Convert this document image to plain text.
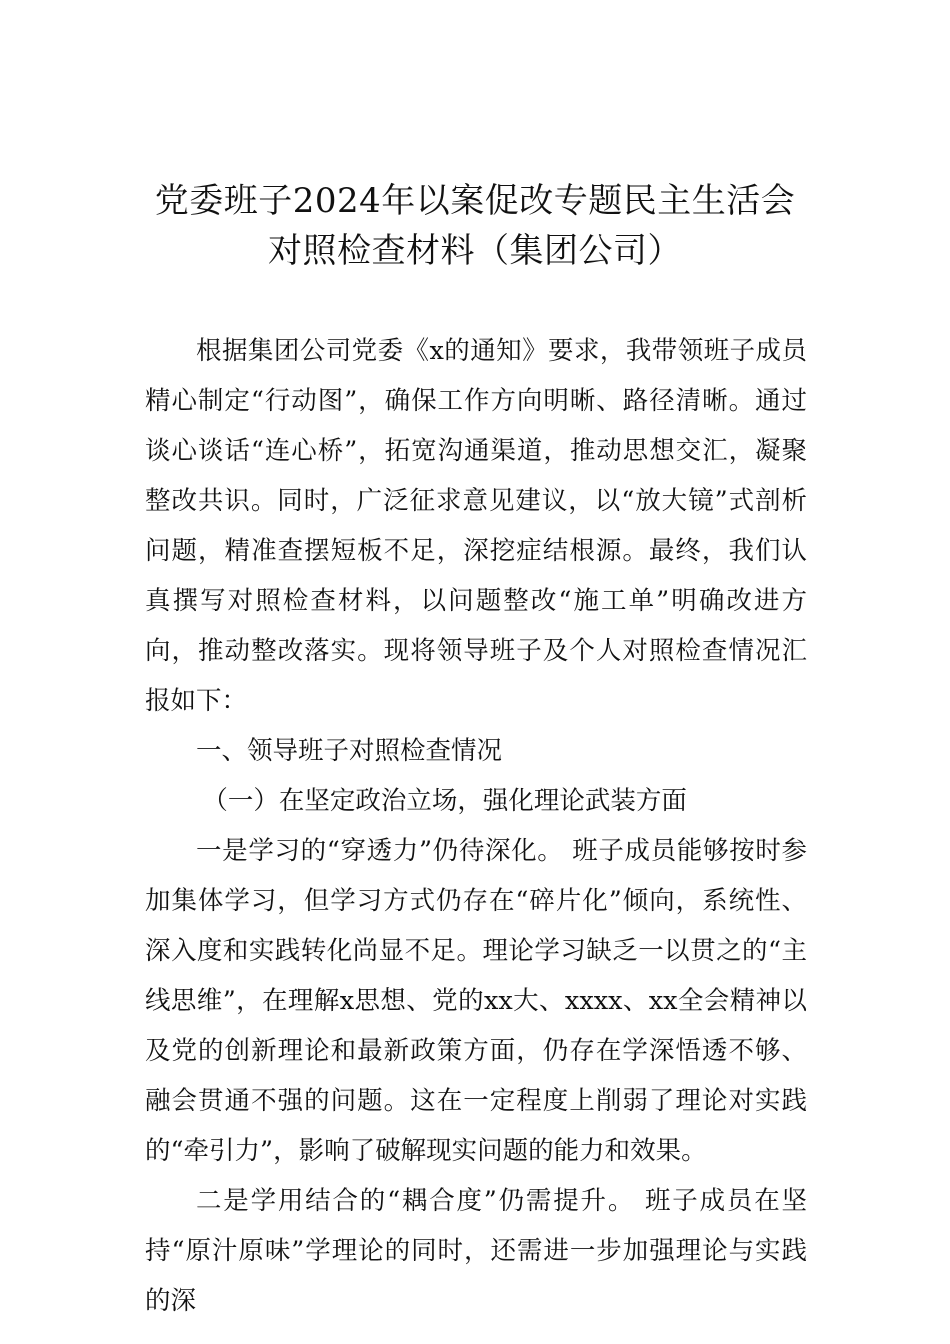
党委班子2024年以案促改专题民主生活会
对照检查材料（集团公司）

根据集团公司党委《x的通知》要求，我带领班子成员精心制定“行动图”，确保工作方向明晰、路径清晰。通过谈心谈话“连心桥”，拓宽沟通渠道，推动思想交汇，凝聚整改共识。同时，广泛征求意见建议，以“放大镜”式剖析问题，精准查摆短板不足，深挖症结根源。最终，我们认真撰写对照检查材料，以问题整改“施工单”明确改进方向，推动整改落实。现将领导班子及个人对照检查情况汇报如下：

一、领导班子对照检查情况

（一）在坚定政治立场，强化理论武装方面

一是学习的“穿透力”仍待深化。 班子成员能够按时参加集体学习，但学习方式仍存在“碎片化”倾向，系统性、深入度和实践转化尚显不足。理论学习缺乏一以贯之的“主线思维”，在理解x思想、党的xx大、xxxx、xx全会精神以及党的创新理论和最新政策方面，仍存在学深悟透不够、融会贯通不强的问题。这在一定程度上削弱了理论对实践的“牵引力”，影响了破解现实问题的能力和效果。

二是学用结合的“耦合度”仍需提升。 班子成员在坚持“原汁原味”学理论的同时，还需进一步加强理论与实践的深
